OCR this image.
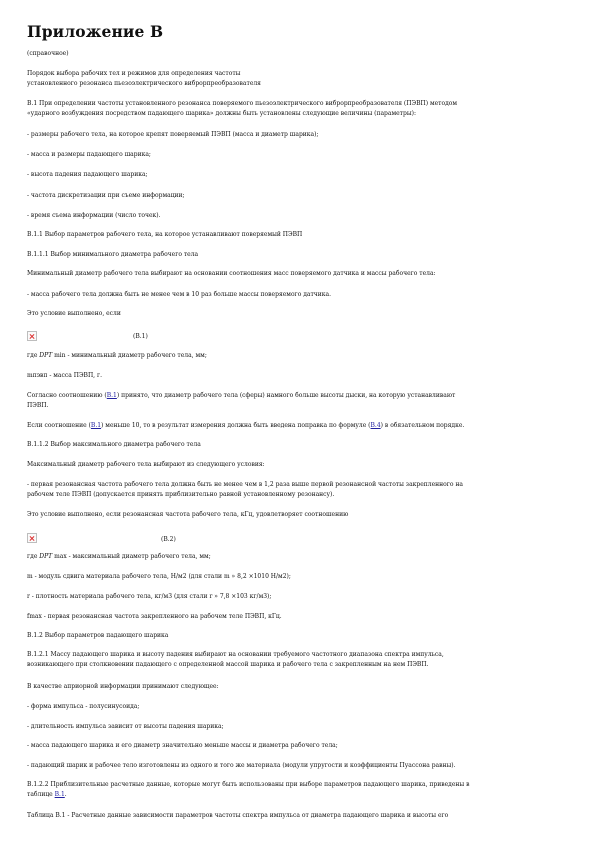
Приложение В

(справочное)

Порядок выбора рабочих тел и режимов для определения частоты

установленного резонанса пьезоэлектрического виброрпреобразователя

В.1 При определении частоты установленного резонанса поверяемого пьезоэлектрического виброрпреобразователя (ПЭВП) методом

«ударного возбуждения посредством падающего шарика» должны быть установлены следующие величины (параметры):

- размеры рабочего тела, на которое крепят поверяемый ПЭВП (масса и диаметр шарика);

- масса и размеры падающего шарика;

- высота падения падающего шарика;

- частота дискретизации при съеме информации;

- время съема информации (число точек).

В.1.1 Выбор параметров рабочего тела, на которое устанавливают поверяемый ПЭВП

В.1.1.1 Выбор минимального диаметра рабочего тела

Минимальный диаметр рабочего тела выбирают на основании соотношения масс поверяемого датчика и массы рабочего тела:

- масса рабочего тела должна быть не менее чем в 10 раз больше массы поверяемого датчика.

Это условие выполнено, если

(В.1)

где DPT min - минимальный диаметр рабочего тела, мм;

mпэвп - масса ПЭВП, г.

Согласно соотношению (В.1) принято, что диаметр рабочего тела (сферы) намного больше высоты дыски, на которую устанавливают

ПЭВП.

Если соотношение (В.1) меньше 10, то в результат измерения должна быть введена поправка по формуле (В.4) в обязательном порядке.

В.1.1.2 Выбор максимального диаметра рабочего тела

Максимальный диаметр рабочего тела выбирают из следующего условия:

- первая резонансная частота рабочего тела должна быть не менее чем в 1,2 раза выше первой резонансной частоты закрепленного на

рабочем теле ПЭВП (допускается принять приблизительно равной установленному резонансу).

Это условие выполнено, если резонансная частота рабочего тела, кГц, удовлетворяет соотношению

(В.2)

где DPT max - максимальный диаметр рабочего тела, мм;

m - модуль сдвига материала рабочего тела, Н/м2 (для стали m » 8,2 ×1010 Н/м2);

r - плотность материала рабочего тела, кг/м3 (для стали r » 7,8 ×103 кг/м3);

fmax - первая резонансная частота закрепленного на рабочем теле ПЭВП, кГц.

В.1.2 Выбор параметров падающего шарика

В.1.2.1 Массу падающего шарика и высоту падения выбирают на основании требуемого частотного диапазона спектра импульса,

возникающего при столкновении падающего с определенной массой шарика и рабочего тела с закрепленным на нем ПЭВП.

В качестве априорной информации принимают следующее:

- форма импульса - полусинусоида;

- длительность импульса зависит от высоты падения шарика;

- масса падающего шарика и его диаметр значительно меньше массы и диаметра рабочего тела;

- падающий шарик и рабочее тело изготовлены из одного и того же материала (модули упругости и коэффициенты Пуассона равны).

В.1.2.2 Приблизительные расчетные данные, которые могут быть использованы при выборе параметров падающего шарика, приведены в

таблице В.1.

Таблица В.1 - Расчетные данные зависимости параметров частоты спектра импульса от диаметра падающего шарика и высоты его
